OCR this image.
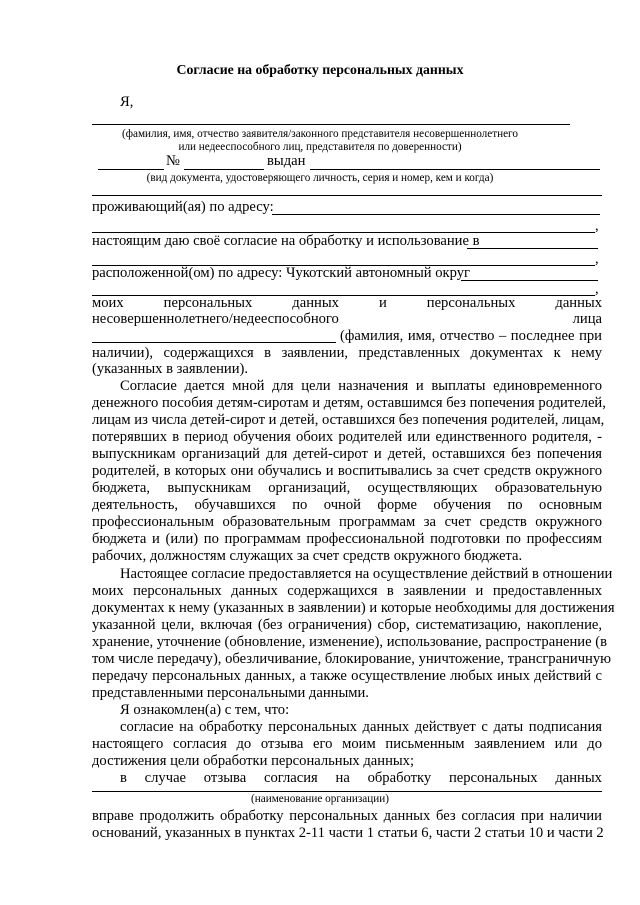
Согласие на обработку персональных данных
Я,
(фамилия, имя, отчество заявителя/законного представителя несовершеннолетнего
или недееспособного лиц, представителя по доверенности)
№	выдан
(вид документа, удостоверяющего личность, серия и номер, кем и когда)
проживающий(ая) по адресу:
,
настоящим даю своё согласие на обработку и использование в
,
расположенной(ом) по адресу: Чукотский автономный округ
,
моих	персональных	данных	и	персональных	данных
несовершеннолетнего/недееспособного	лица
(фамилия, имя, отчество – последнее при
наличии), содержащихся в заявлении, представленных документах к нему
(указанных в заявлении).
Согласие дается мной для цели назначения и выплаты единовременного
денежного пособия детям-сиротам и детям, оставшимся без попечения родителей,
лицам из числа детей-сирот и детей, оставшихся без попечения родителей, лицам,
потерявших в период обучения обоих родителей или единственного родителя, -
выпускникам организаций для детей-сирот и детей, оставшихся без попечения
родителей, в которых они обучались и воспитывались за счет средств окружного
бюджета, выпускникам организаций, осуществляющих образовательную
деятельность, обучавшихся по очной форме обучения по основным
профессиональным образовательным программам за счет средств окружного
бюджета и (или) по программам профессиональной подготовки по профессиям
рабочих, должностям служащих за счет средств окружного бюджета.
Настоящее согласие предоставляется на осуществление действий в отношении
моих персональных данных содержащихся в заявлении и предоставленных
документах к нему (указанных в заявлении) и которые необходимы для достижения
указанной цели, включая (без ограничения) сбор, систематизацию, накопление,
хранение, уточнение (обновление, изменение), использование, распространение (в
том числе передачу), обезличивание, блокирование, уничтожение, трансграничную
передачу персональных данных, а также осуществление любых иных действий с
представленными персональными данными.
Я ознакомлен(а) с тем, что:
согласие на обработку персональных данных действует с даты подписания
настоящего согласия до отзыва его моим письменным заявлением или до
достижения цели обработки персональных данных;
в случае отзыва согласия на обработку персональных данных
(наименование организации)
вправе продолжить обработку персональных данных без согласия при наличии
оснований, указанных в пунктах 2-11 части 1 статьи 6, части 2 статьи 10 и части 2
